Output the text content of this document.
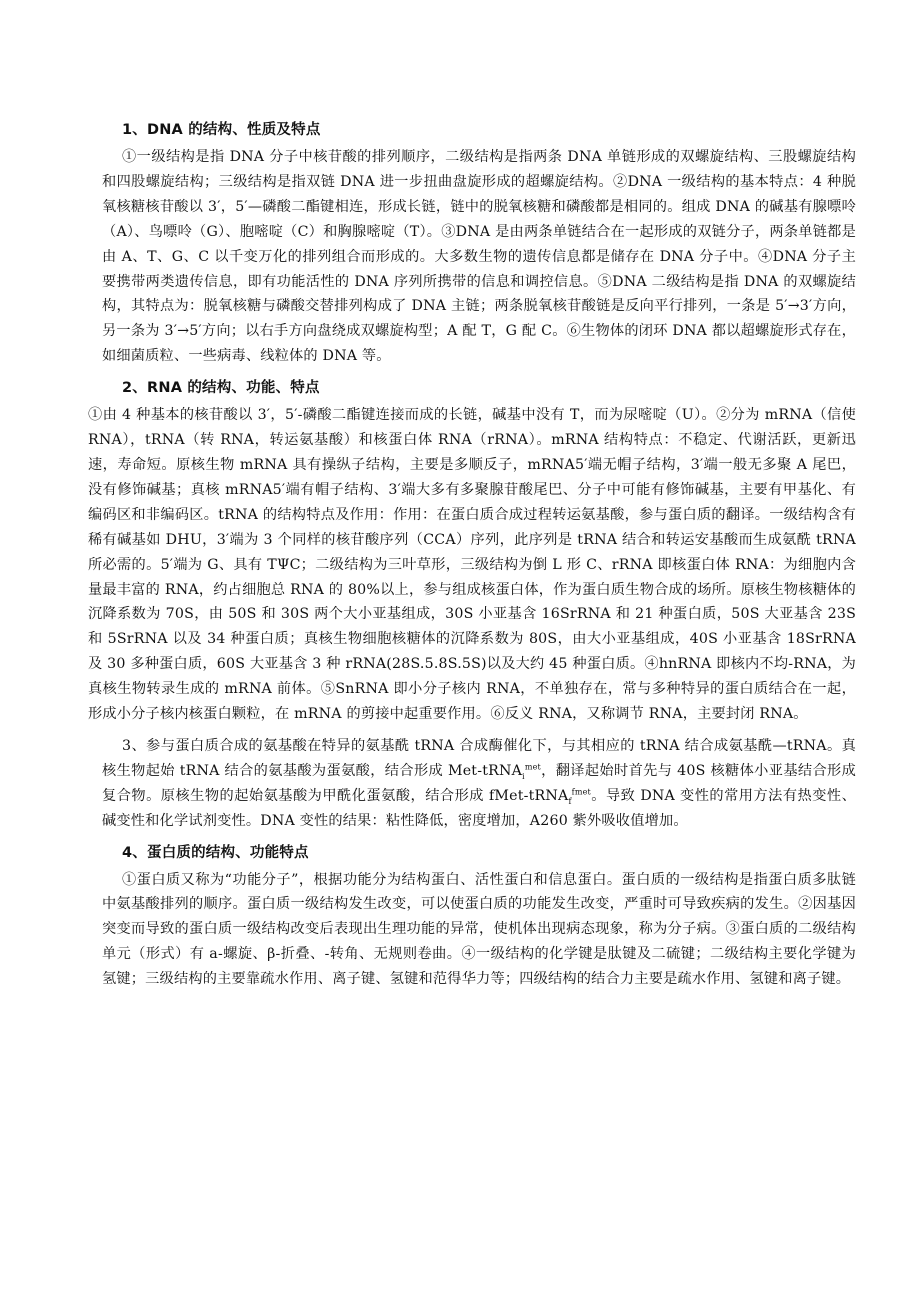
1、DNA 的结构、性质及特点

①一级结构是指 DNA 分子中核苷酸的排列顺序，二级结构是指两条 DNA 单链形成的双螺旋结构、三股螺旋结构和四股螺旋结构；三级结构是指双链 DNA 进一步扭曲盘旋形成的超螺旋结构。②DNA 一级结构的基本特点：4 种脱氧核糖核苷酸以 3′，5′—磷酸二酯键相连，形成长链，链中的脱氧核糖和磷酸都是相同的。组成 DNA 的碱基有腺嘌呤（A）、鸟嘌呤（G）、胞嘧啶（C）和胸腺嘧啶（T）。③DNA 是由两条单链结合在一起形成的双链分子，两条单链都是由 A、T、G、C 以千变万化的排列组合而形成的。大多数生物的遗传信息都是储存在 DNA 分子中。④DNA 分子主要携带两类遗传信息，即有功能活性的 DNA 序列所携带的信息和调控信息。⑤DNA 二级结构是指 DNA 的双螺旋结构，其特点为：脱氧核糖与磷酸交替排列构成了 DNA 主链；两条脱氧核苷酸链是反向平行排列，一条是 5′→3′方向，另一条为 3′→5′方向；以右手方向盘绕成双螺旋构型；A 配 T，G 配 C。⑥生物体的闭环 DNA 都以超螺旋形式存在，如细菌质粒、一些病毒、线粒体的 DNA 等。

2、RNA 的结构、功能、特点

①由 4 种基本的核苷酸以 3′，5′-磷酸二酯键连接而成的长链，碱基中没有 T，而为尿嘧啶（U）。②分为 mRNA（信使 RNA），tRNA（转 RNA，转运氨基酸）和核蛋白体 RNA（rRNA）。mRNA 结构特点：不稳定、代谢活跃，更新迅速，寿命短。原核生物 mRNA 具有操纵子结构，主要是多顺反子，mRNA5′端无帽子结构，3′端一般无多聚 A 尾巴，没有修饰碱基；真核 mRNA5′端有帽子结构、3′端大多有多聚腺苷酸尾巴、分子中可能有修饰碱基，主要有甲基化、有编码区和非编码区。tRNA 的结构特点及作用：作用：在蛋白质合成过程转运氨基酸，参与蛋白质的翻译。一级结构含有稀有碱基如 DHU，3′端为 3 个同样的核苷酸序列（CCA）序列，此序列是 tRNA 结合和转运安基酸而生成氨酰 tRNA 所必需的。5′端为 G、具有 TΨC；二级结构为三叶草形，三级结构为倒 L 形 C、rRNA 即核蛋白体 RNA：为细胞内含量最丰富的 RNA，约占细胞总 RNA 的 80%以上，参与组成核蛋白体，作为蛋白质生物合成的场所。原核生物核糖体的沉降系数为 70S，由 50S 和 30S 两个大小亚基组成，30S 小亚基含 16SrRNA 和 21 种蛋白质，50S 大亚基含 23S 和 5SrRNA 以及 34 种蛋白质；真核生物细胞核糖体的沉降系数为 80S，由大小亚基组成，40S 小亚基含 18SrRNA 及 30 多种蛋白质，60S 大亚基含 3 种 rRNA(28S.5.8S.5S)以及大约 45 种蛋白质。④hnRNA 即核内不均-RNA，为真核生物转录生成的 mRNA 前体。⑤SnRNA 即小分子核内 RNA，不单独存在，常与多种特异的蛋白质结合在一起，形成小分子核内核蛋白颗粒，在 mRNA 的剪接中起重要作用。⑥反义 RNA，又称调节 RNA，主要封闭 RNA。

3、参与蛋白质合成的氨基酸在特异的氨基酰 tRNA 合成酶催化下，与其相应的 tRNA 结合成氨基酰—tRNA。真核生物起始 tRNA 结合的氨基酸为蛋氨酸，结合形成 Met-tRNA$_i^{met}$，翻译起始时首先与 40S 核糖体小亚基结合形成复合物。原核生物的起始氨基酸为甲酰化蛋氨酸，结合形成 fMet-tRNA$_f^{fmet}$。导致 DNA 变性的常用方法有热变性、碱变性和化学试剂变性。DNA 变性的结果：粘性降低，密度增加，A260 紫外吸收值增加。

4、蛋白质的结构、功能特点

①蛋白质又称为“功能分子”，根据功能分为结构蛋白、活性蛋白和信息蛋白。蛋白质的一级结构是指蛋白质多肽链中氨基酸排列的顺序。蛋白质一级结构发生改变，可以使蛋白质的功能发生改变，严重时可导致疾病的发生。②因基因突变而导致的蛋白质一级结构改变后表现出生理功能的异常，使机体出现病态现象，称为分子病。③蛋白质的二级结构单元（形式）有 a-螺旋、β-折叠、-转角、无规则卷曲。④一级结构的化学键是肽键及二硫键；二级结构主要化学键为氢键；三级结构的主要靠疏水作用、离子键、氢键和范得华力等；四级结构的结合力主要是疏水作用、氢键和离子键。
